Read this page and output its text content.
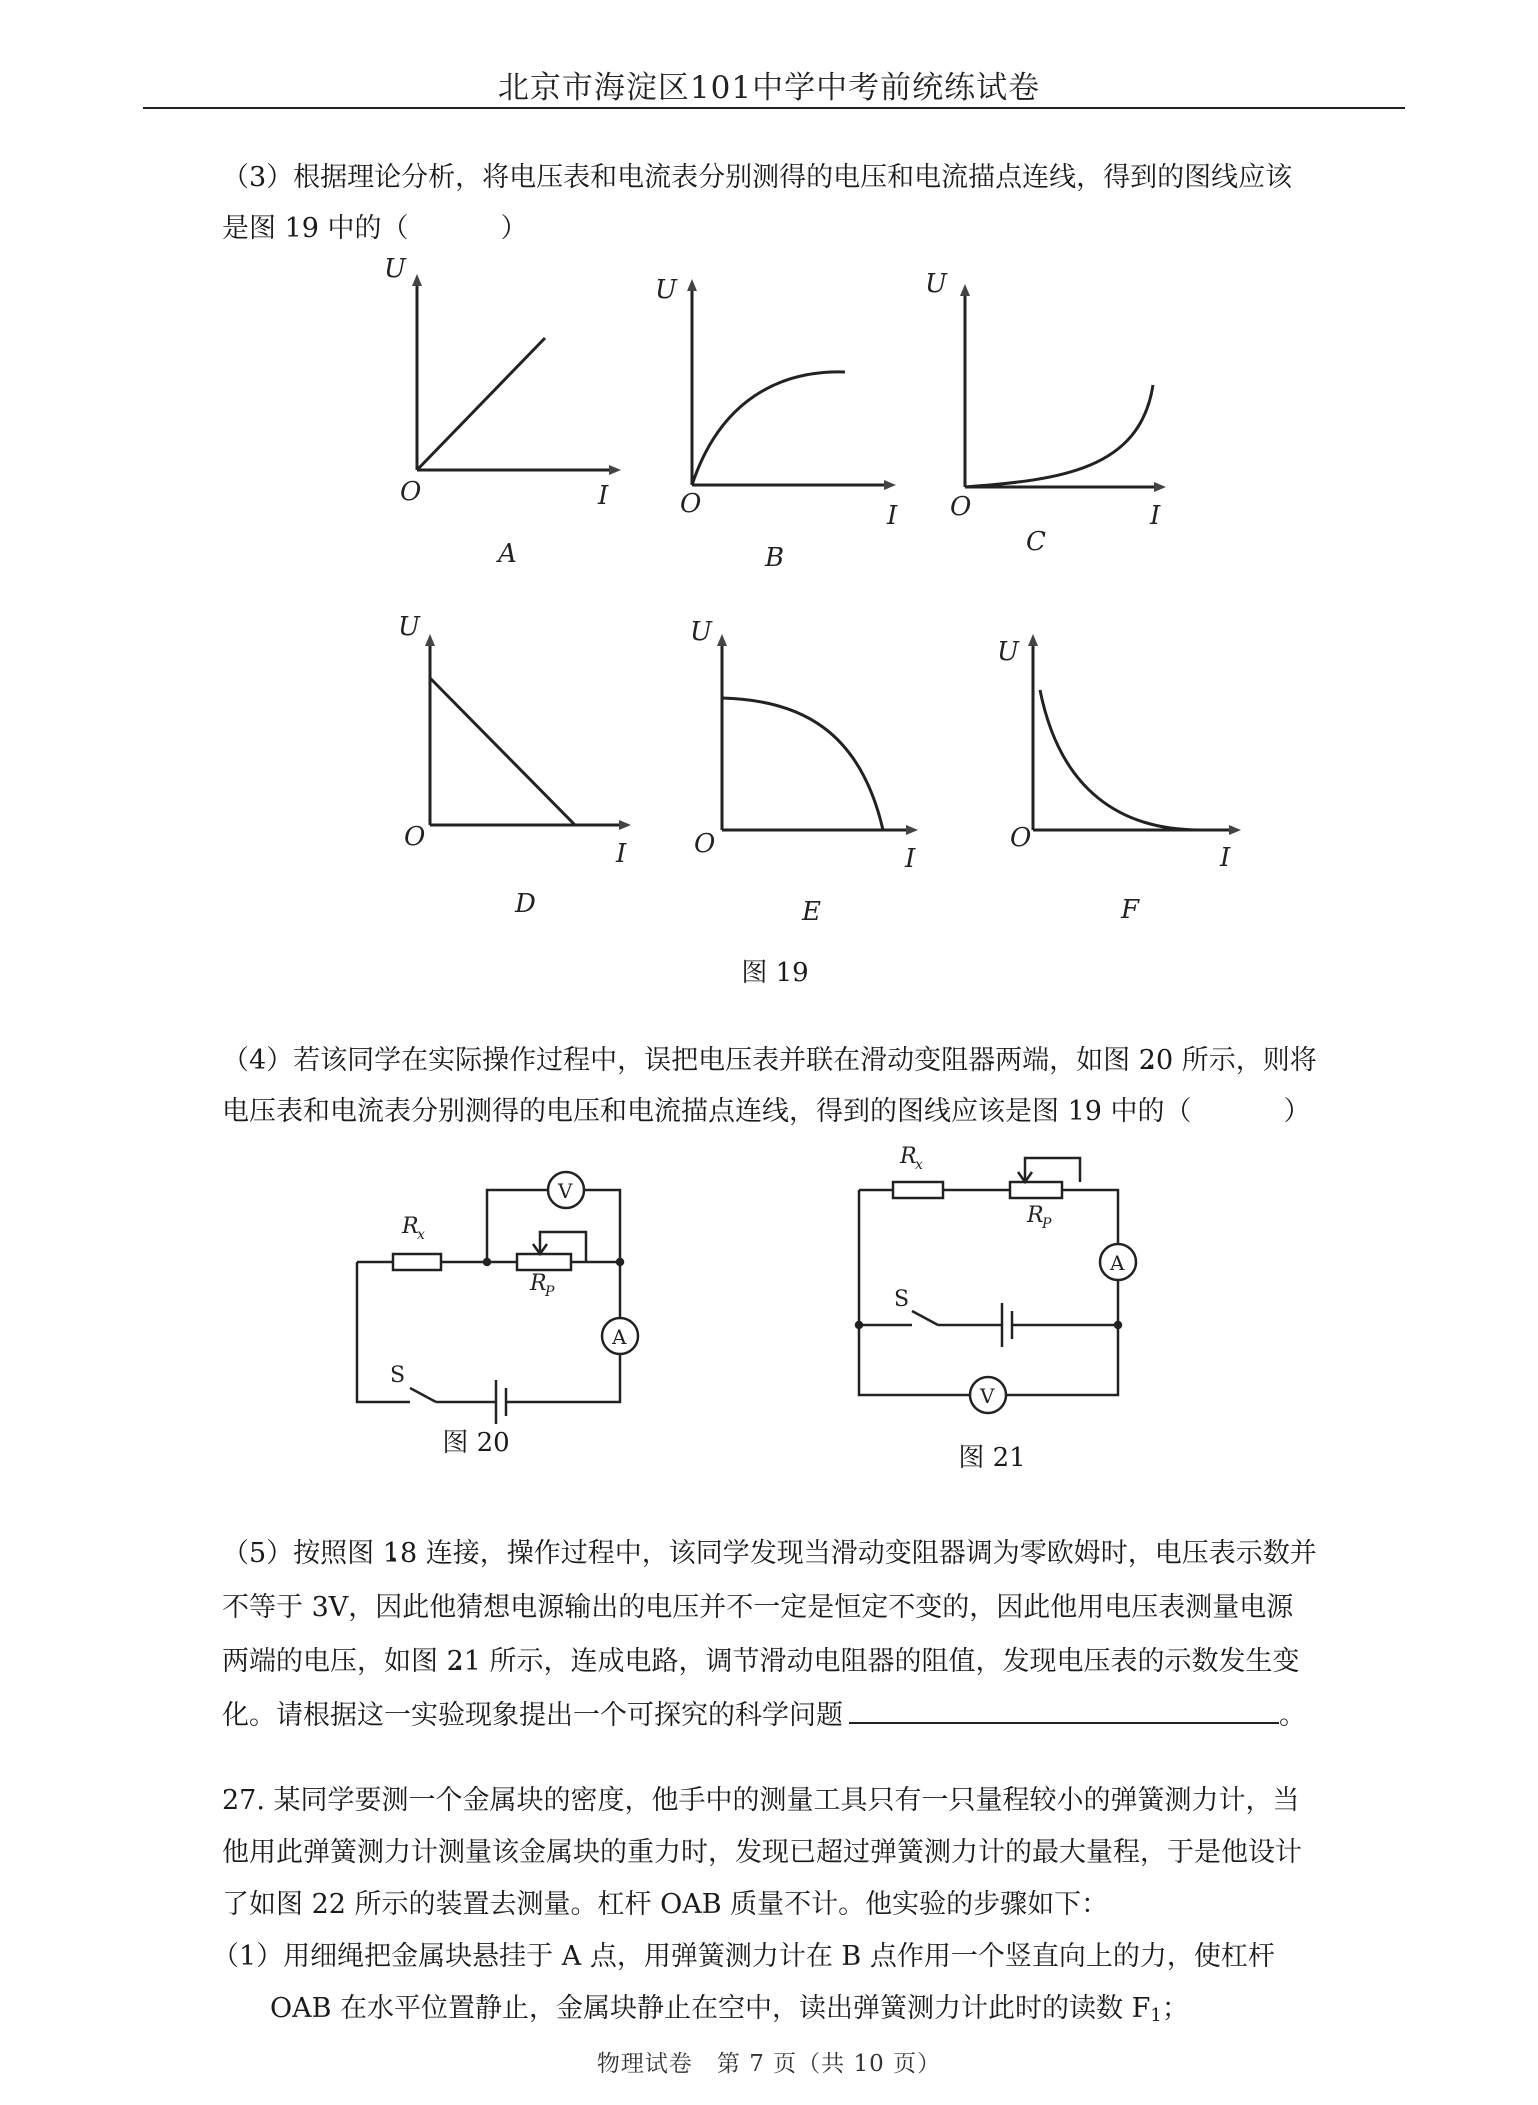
北京市海淀区101中学中考前统练试卷
（3）根据理论分析，将电压表和电流表分别测得的电压和电流描点连线，得到的图线应该
是图 19 中的（	）
U
I
O
U
I
O
U
I
O
U
I
O
U
I
O
U
I
O
A	B
C
D	E	F
图 19
（4）若该同学在实际操作过程中，误把电压表并联在滑动变阻器两端，如图 20 • 所示，则将
电压表和电流表分别测得的电压和电流描点连线，得到的图线应该是图 19 中的（	）
R
x
R
P
V
A
S
R
x
R
P
A
V
S
图 20	图 21
（5）按照图 18 • 连接，操作过程中，该同学发现当滑动变阻器调为零欧姆时，电压表示数并
不等于 3V，因此他猜想电源输出的电压并不一定是恒定不变的，因此他用电压表测量电源
两端的电压，如图 21 • 所示，连成电路，调节滑动电阻器的阻值，发现电压表的示数发生变
化。请根据这一实验现象提出一个可探究的科学问题	。
27. 某同学要测一个金属块的密度，他手中的测量工具只有一只量程较小的弹簧测力计，当
他用此弹簧测力计测量该金属块的重力时，发现已超过弹簧测力计的最大量程，于是他设计
了如图 22 所示的装置去测量。杠杆 OAB 质量不计。他实验的步骤如下：
（1）用细绳把金属块悬挂于 A 点，用弹簧测力计在 B 点作用一个竖直向上的力，使杠杆
OAB 在水平位置静止，金属块静止在空中，读出弹簧测力计此时的读数 $F_1$；
物理试卷　第 7 页（共 10 页）
